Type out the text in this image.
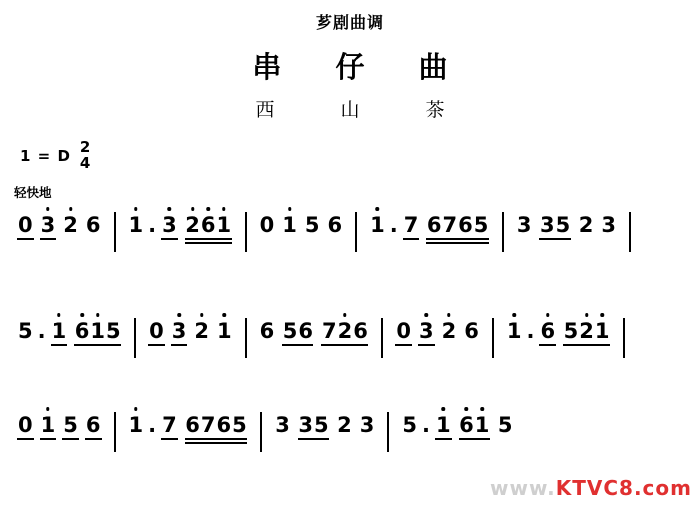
芗剧曲调
串 仔 曲
西 山 茶
1 = D 2
4
轻快地
0 3 2 6 1 . 3 2 6 1 0 1 5 6 1 . 7 6 7 6 5 3 3 5 2 3
5 . 1 6 1 5 0 3 2 1 6 5 6 7 2 6 0 3 2 6 1 . 6 5 2 1
0 1 5 6 1 . 7 6 7 6 5 3 3 5 2 3 5 . 1 6 1 5
www.KTVC8.com
